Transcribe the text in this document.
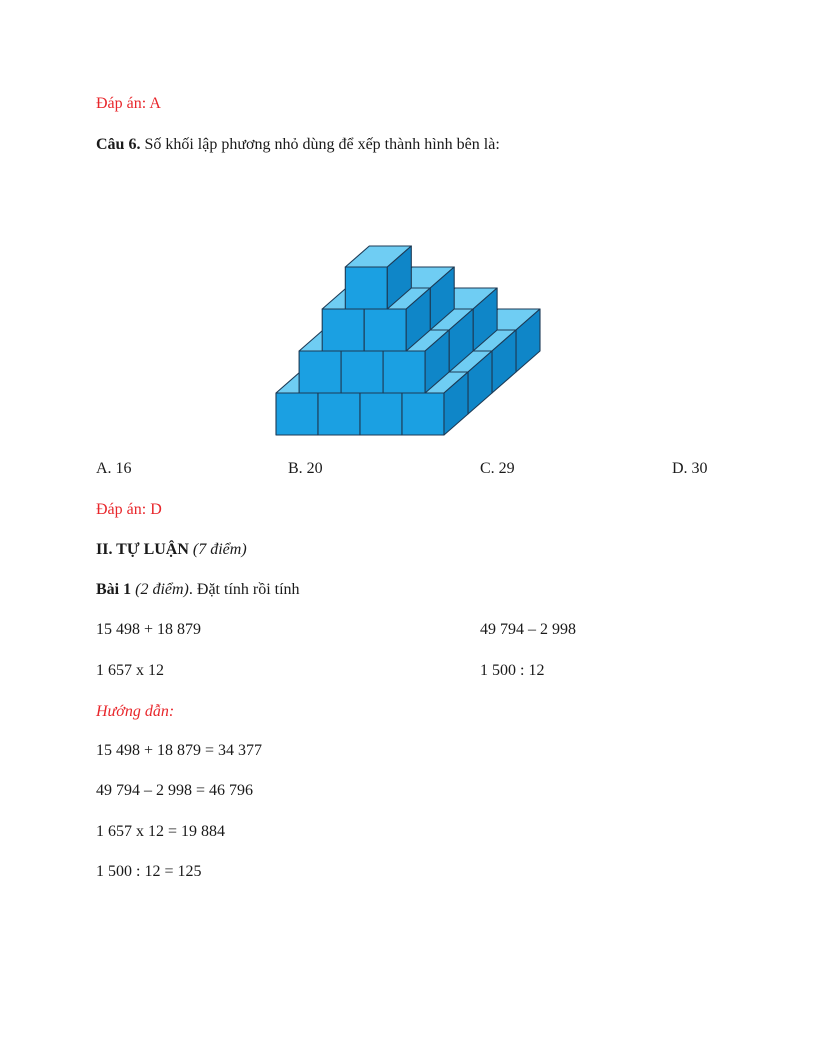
Đáp án: A
Câu 6. Số khối lập phương nhỏ dùng để xếp thành hình bên là:
A. 16	B. 20	C. 29	D. 30
Đáp án: D
II. TỰ LUẬN (7 điểm)
Bài 1 (2 điểm). Đặt tính rồi tính
15 498 + 18 879	49 794 – 2 998
1 657 x 12	1 500 : 12
Hướng dẫn:
15 498 + 18 879 = 34 377
49 794 – 2 998 = 46 796
1 657 x 12 = 19 884
1 500 : 12 = 125
